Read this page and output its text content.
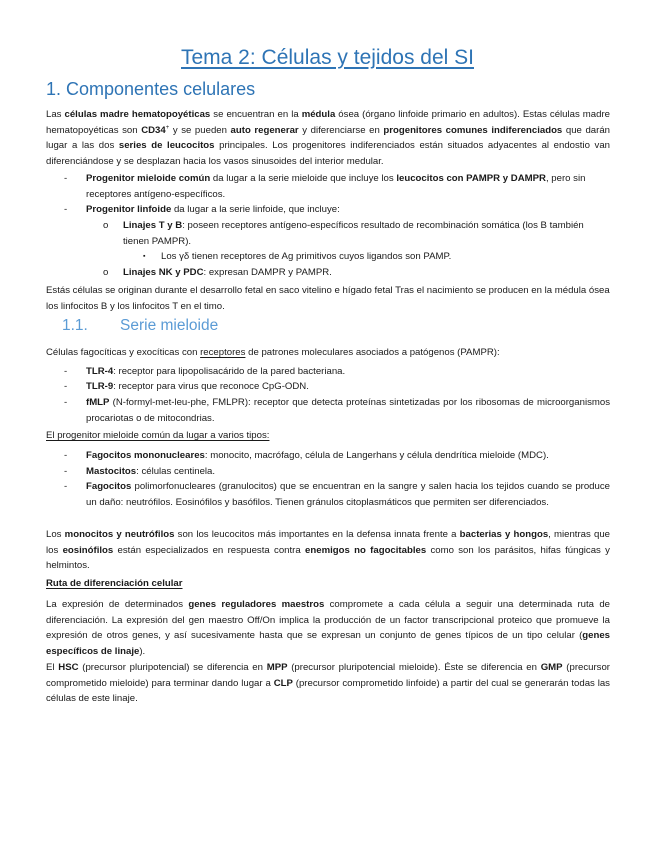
Tema 2: Células y tejidos del SI
1. Componentes celulares

Las células madre hematopoyéticas se encuentran en la médula ósea (órgano linfoide primario en adultos). Estas células madre hematopoyéticas son CD34+ y se pueden auto regenerar y diferenciarse en progenitores comunes indiferenciados que darán lugar a las dos series de leucocitos principales. Los progenitores indiferenciados están situados adyacentes al endostio van diferenciándose y se desplazan hacia los vasos sinusoides del interior medular.

- Progenitor mieloide común da lugar a la serie mieloide que incluye los leucocitos con PAMPR y DAMPR, pero sin receptores antígeno-específicos.

- Progenitor linfoide da lugar a la serie linfoide, que incluye:

o Linajes T y B: poseen receptores antígeno-específicos resultado de recombinación somática (los B también tienen PAMPR).

▪ Los γδ tienen receptores de Ag primitivos cuyos ligandos son PAMP.

o Linajes NK y PDC: expresan DAMPR y PAMPR.

Estás células se originan durante el desarrollo fetal en saco vitelino e hígado fetal Tras el nacimiento se producen en la médula ósea los linfocitos B y los linfocitos T en el timo.

1.1. Serie mieloide

Células fagocíticas y exocíticas con receptores de patrones moleculares asociados a patógenos (PAMPR):

- TLR-4: receptor para lipopolisacárido de la pared bacteriana.

- TLR-9: receptor para virus que reconoce CpG-ODN.

- fMLP (N-formyl-met-leu-phe, FMLPR): receptor que detecta proteínas sintetizadas por los ribosomas de microorganismos procariotas o de mitocondrias.

El progenitor mieloide común da lugar a varios tipos:

- Fagocitos mononucleares: monocito, macrófago, célula de Langerhans y célula dendrítica mieloide (MDC).

- Mastocitos: células centinela.

- Fagocitos polimorfonucleares (granulocitos) que se encuentran en la sangre y salen hacia los tejidos cuando se produce un daño: neutrófilos. Eosinófilos y basófilos. Tienen gránulos citoplasmáticos que permiten ser diferenciados.

Los monocitos y neutrófilos son los leucocitos más importantes en la defensa innata frente a bacterias y hongos, mientras que los eosinófilos están especializados en respuesta contra enemigos no fagocitables como son los parásitos, hifas fúngicas y helmintos.

Ruta de diferenciación celular

La expresión de determinados genes reguladores maestros compromete a cada célula a seguir una determinada ruta de diferenciación. La expresión del gen maestro Off/On implica la producción de un factor transcripcional proteico que promueve la expresión de otros genes, y así sucesivamente hasta que se expresan un conjunto de genes típicos de un tipo celular (genes específicos de linaje).

El HSC (precursor pluripotencial) se diferencia en MPP (precursor pluripotencial mieloide). Éste se diferencia en GMP (precursor comprometido mieloide) para terminar dando lugar a CLP (precursor comprometido linfoide) a partir del cual se generarán todas las células de este linaje.
